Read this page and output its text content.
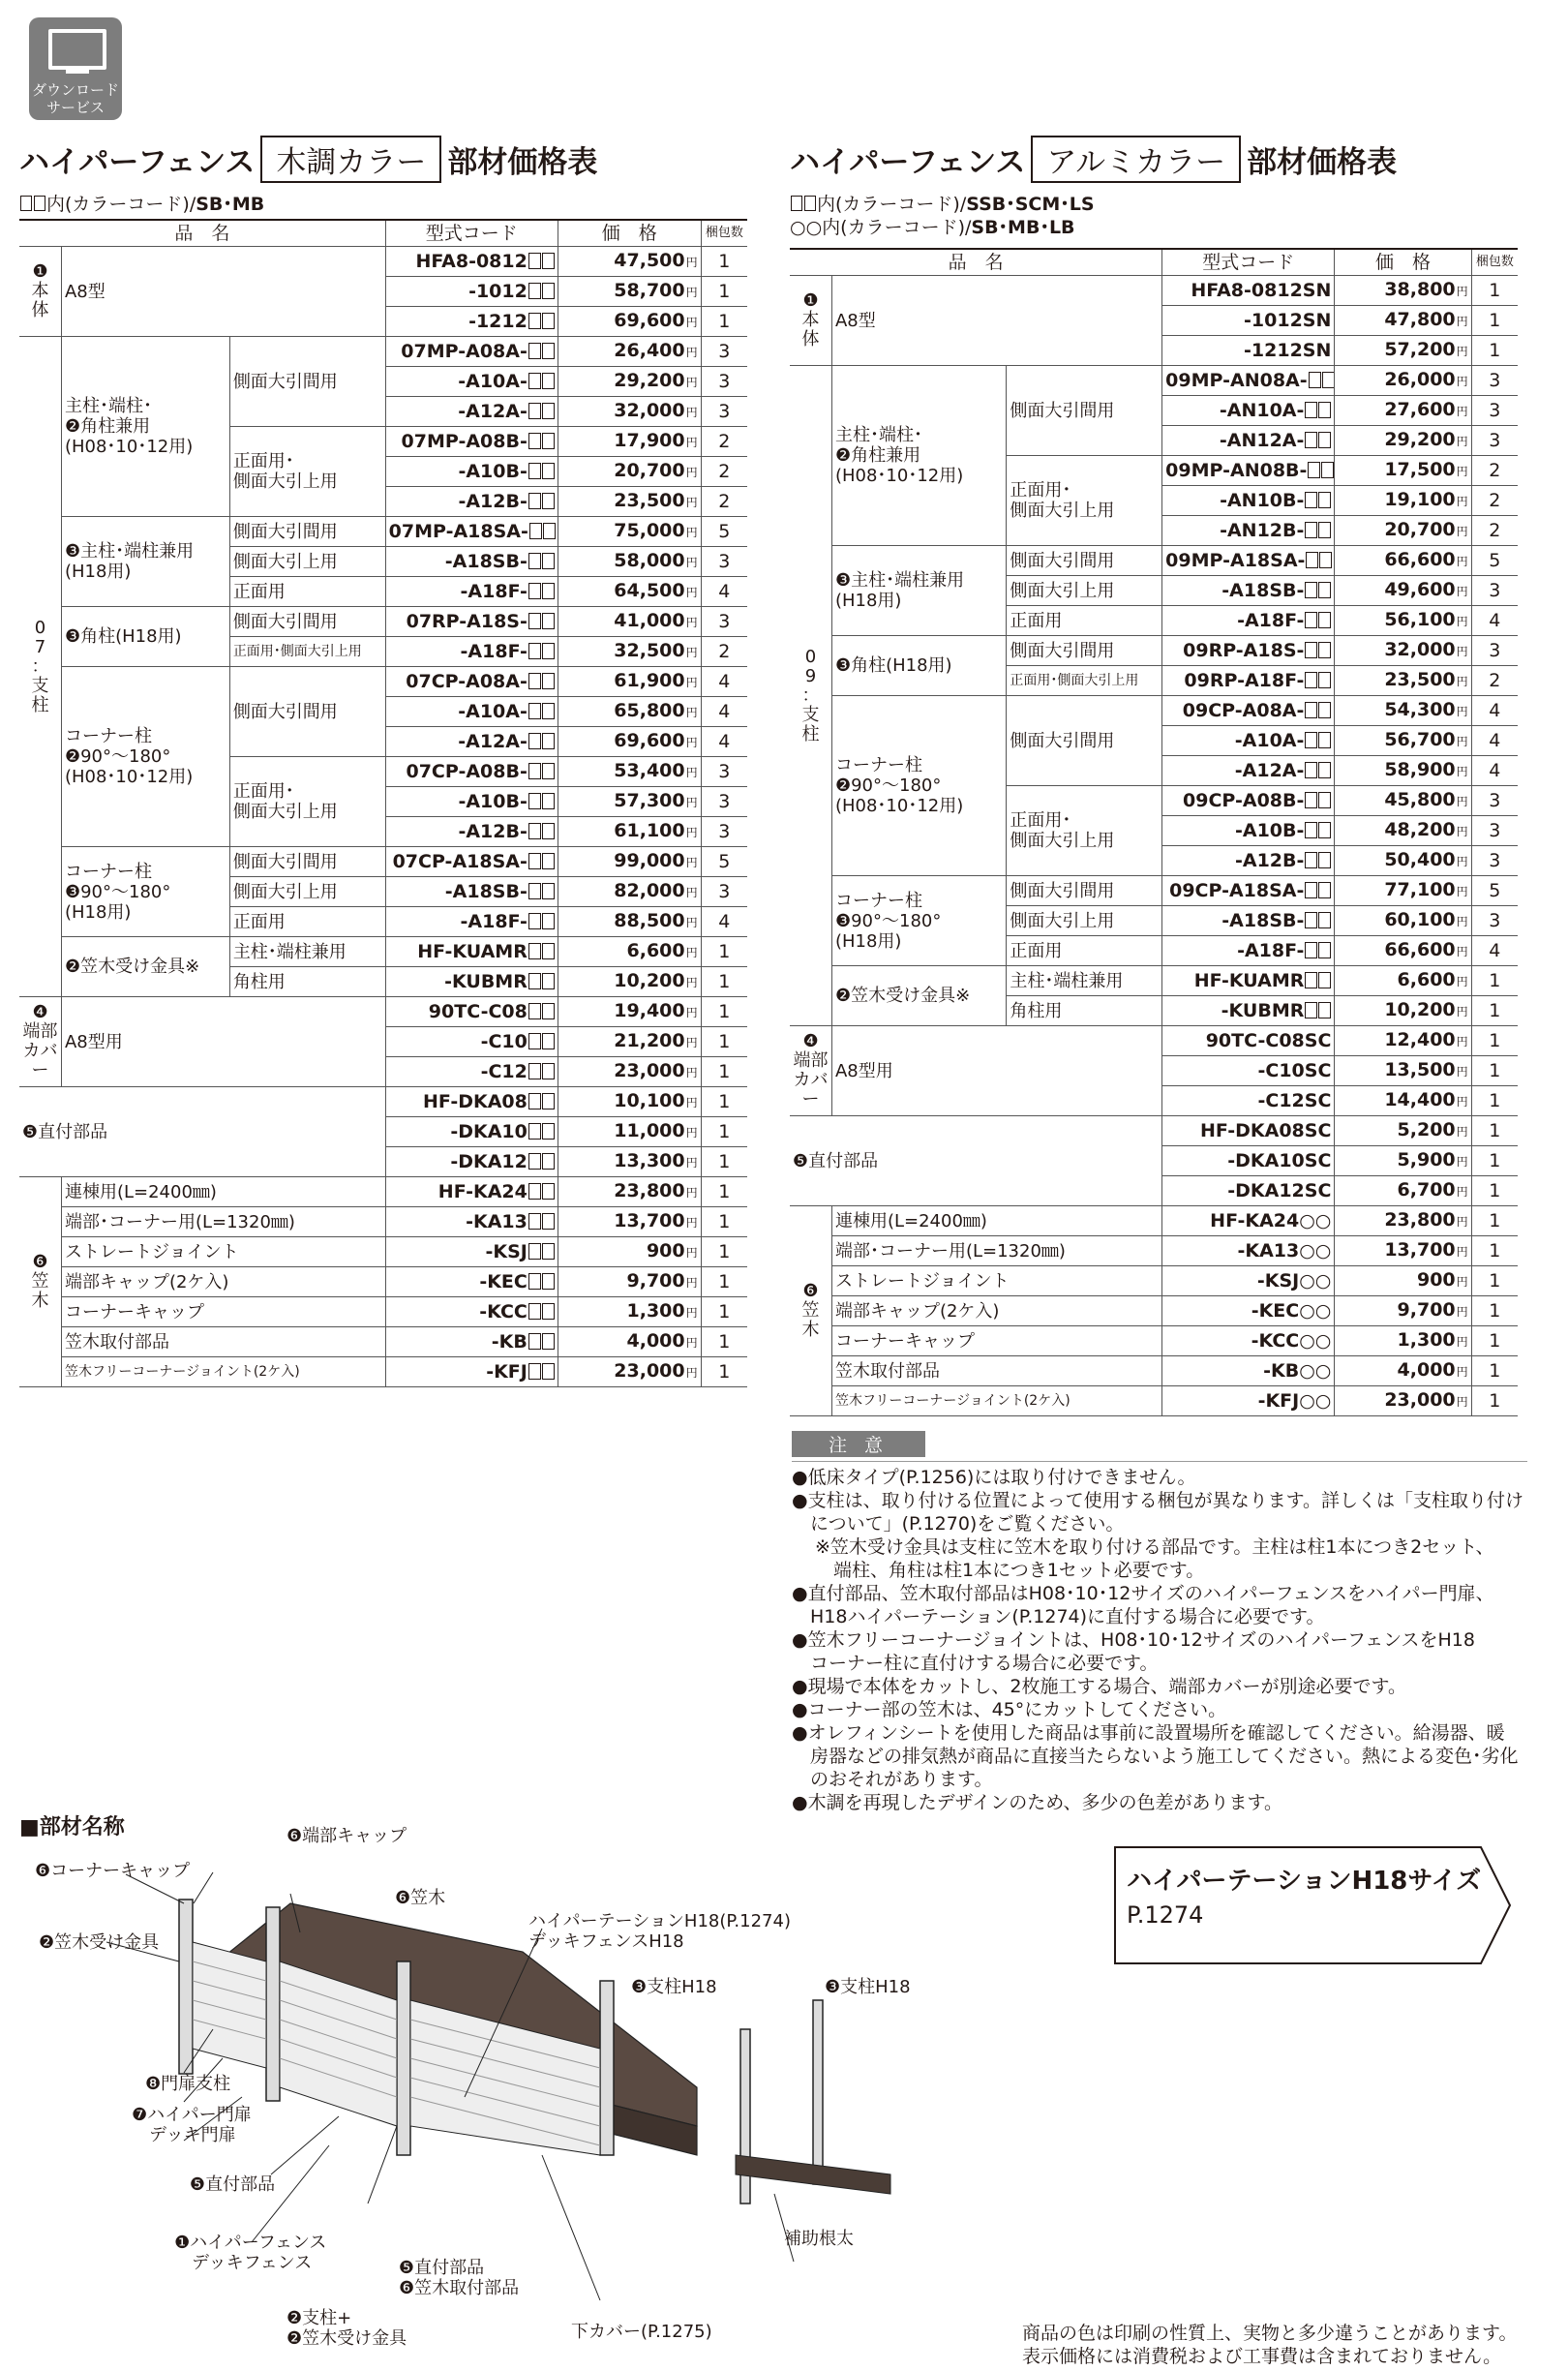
ダウンロード
サービス
ハイパーフェンス 木調カラー 部材価格表
内(カラーコード)/SB･MB
ハイパーフェンス アルミカラー 部材価格表
内(カラーコード)/SSB･SCM･LS
○○内(カラーコード)/SB･MB･LB
品　名			型式コード	価　格	梱包数
❶
本
体	A8型		HFA8-0812	47,500円	1
			-1012	58,700円	1
			-1212	69,600円	1
0
7
：
支
柱	主柱･端柱･
❷角柱兼用
(H08･10･12用)	側面大引間用	07MP-A08A-	26,400円	3
			-A10A-	29,200円	3
			-A12A-	32,000円	3
		正面用･
側面大引上用	07MP-A08B-	17,900円	2
			-A10B-	20,700円	2
			-A12B-	23,500円	2
	❸主柱･端柱兼用
(H18用)	側面大引間用	07MP-A18SA-	75,000円	5
		側面大引上用	-A18SB-	58,000円	3
		正面用	-A18F-	64,500円	4
	❸角柱(H18用)	側面大引間用	07RP-A18S-	41,000円	3
		正面用･側面大引上用	-A18F-	32,500円	2
	コーナー柱
❷90°～180°
(H08･10･12用)	側面大引間用	07CP-A08A-	61,900円	4
			-A10A-	65,800円	4
			-A12A-	69,600円	4
		正面用･
側面大引上用	07CP-A08B-	53,400円	3
			-A10B-	57,300円	3
			-A12B-	61,100円	3
	コーナー柱
❸90°～180°
(H18用)	側面大引間用	07CP-A18SA-	99,000円	5
		側面大引上用	-A18SB-	82,000円	3
		正面用	-A18F-	88,500円	4
	❷笠木受け金具※	主柱･端柱兼用	HF-KUAMR	6,600円	1
		角柱用	-KUBMR	10,200円	1
❹
端部カバー	A8型用		90TC-C08	19,400円	1
			-C10	21,200円	1
			-C12	23,000円	1
❺直付部品			HF-DKA08	10,100円	1
			-DKA10	11,000円	1
			-DKA12	13,300円	1
❻
笠
木	連棟用(L=2400㎜)		HF-KA24	23,800円	1
	端部･コーナー用(L=1320㎜)		-KA13	13,700円	1
	ストレートジョイント		-KSJ	900円	1
	端部キャップ(2ケ入)		-KEC	9,700円	1
	コーナーキャップ		-KCC	1,300円	1
	笠木取付部品		-KB	4,000円	1
	笠木フリーコーナージョイント(2ケ入)		-KFJ	23,000円	1
品　名			型式コード	価　格	梱包数
❶
本
体	A8型		HFA8-0812SN	38,800円	1
			-1012SN	47,800円	1
			-1212SN	57,200円	1
0
9
：
支
柱	主柱･端柱･
❷角柱兼用
(H08･10･12用)	側面大引間用	09MP-AN08A-	26,000円	3
			-AN10A-	27,600円	3
			-AN12A-	29,200円	3
		正面用･
側面大引上用	09MP-AN08B-	17,500円	2
			-AN10B-	19,100円	2
			-AN12B-	20,700円	2
	❸主柱･端柱兼用
(H18用)	側面大引間用	09MP-A18SA-	66,600円	5
		側面大引上用	-A18SB-	49,600円	3
		正面用	-A18F-	56,100円	4
	❸角柱(H18用)	側面大引間用	09RP-A18S-	32,000円	3
		正面用･側面大引上用	09RP-A18F-	23,500円	2
	コーナー柱
❷90°～180°
(H08･10･12用)	側面大引間用	09CP-A08A-	54,300円	4
			-A10A-	56,700円	4
			-A12A-	58,900円	4
		正面用･
側面大引上用	09CP-A08B-	45,800円	3
			-A10B-	48,200円	3
			-A12B-	50,400円	3
	コーナー柱
❸90°～180°
(H18用)	側面大引間用	09CP-A18SA-	77,100円	5
		側面大引上用	-A18SB-	60,100円	3
		正面用	-A18F-	66,600円	4
	❷笠木受け金具※	主柱･端柱兼用	HF-KUAMR	6,600円	1
		角柱用	-KUBMR	10,200円	1
❹
端部カバー	A8型用		90TC-C08SC	12,400円	1
			-C10SC	13,500円	1
			-C12SC	14,400円	1
❺直付部品			HF-DKA08SC	5,200円	1
			-DKA10SC	5,900円	1
			-DKA12SC	6,700円	1
❻
笠
木	連棟用(L=2400㎜)		HF-KA24○○	23,800円	1
	端部･コーナー用(L=1320㎜)		-KA13○○	13,700円	1
	ストレートジョイント		-KSJ○○	900円	1
	端部キャップ(2ケ入)		-KEC○○	9,700円	1
	コーナーキャップ		-KCC○○	1,300円	1
	笠木取付部品		-KB○○	4,000円	1
	笠木フリーコーナージョイント(2ケ入)		-KFJ○○	23,000円	1
注 意
●低床タイプ(P.1256)には取り付けできません。
●支柱は、取り付ける位置によって使用する梱包が異なります。詳しくは「支柱取り付け
　について」(P.1270)をご覧ください。
※笠木受け金具は支柱に笠木を取り付ける部品です。主柱は柱1本につき2セット、
　端柱、角柱は柱1本につき1セット必要です。
●直付部品、笠木取付部品はH08･10･12サイズのハイパーフェンスをハイパー門扉、
　H18ハイパーテーション(P.1274)に直付する場合に必要です。
●笠木フリーコーナージョイントは、H08･10･12サイズのハイパーフェンスをH18
　コーナー柱に直付けする場合に必要です。
●現場で本体をカットし、2枚施工する場合、端部カバーが別途必要です。
●コーナー部の笠木は、45°にカットしてください。
●オレフィンシートを使用した商品は事前に設置場所を確認してください。給湯器、暖
　房器などの排気熱が商品に直接当たらないよう施工してください。熱による変色･劣化
　のおそれがあります。
●木調を再現したデザインのため、多少の色差があります。
■部材名称	❻端部キャップ
❻コーナーキャップ
❻笠木
❷笠木受け金具
ハイパーテーションH18(P.1274)
デッキフェンスH18
❸支柱H18	❸支柱H18
❽門扉支柱
❼ハイパー門扉
　デッキ門扉
❺直付部品
❶ハイパーフェンス
　デッキフェンス
❷支柱+
❷笠木受け金具
❺直付部品
❻笠木取付部品
下カバー(P.1275)
補助根太
ハイパーテーションH18サイズ
P.1274
商品の色は印刷の性質上、実物と多少違うことがあります。
表示価格には消費税および工事費は含まれておりません。
